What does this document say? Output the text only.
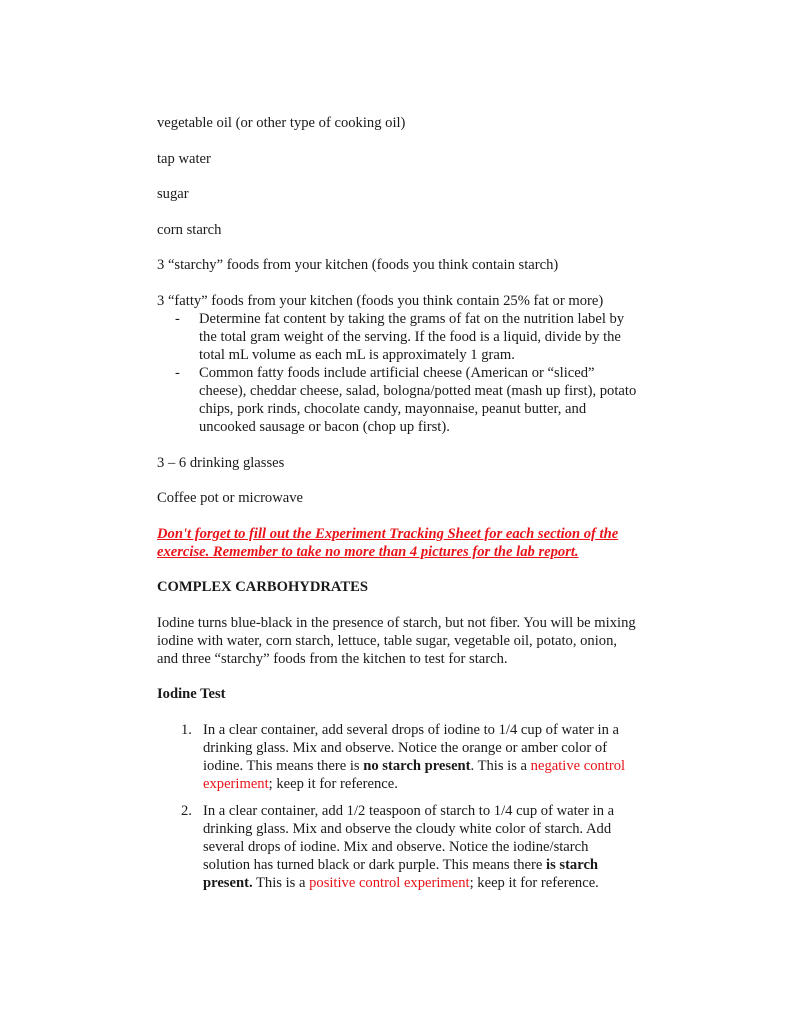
vegetable oil (or other type of cooking oil)

tap water

sugar

corn starch

3 “starchy” foods from your kitchen (foods you think contain starch)

3 “fatty” foods from your kitchen (foods you think contain 25% fat or more)

- Determine fat content by taking the grams of fat on the nutrition label by the total gram weight of the serving. If the food is a liquid, divide by the total mL volume as each mL is approximately 1 gram.
- Common fatty foods include artificial cheese (American or “sliced” cheese), cheddar cheese, salad, bologna/potted meat (mash up first), potato chips, pork rinds, chocolate candy, mayonnaise, peanut butter, and uncooked sausage or bacon (chop up first).

3 – 6 drinking glasses

Coffee pot or microwave

Don't forget to fill out the Experiment Tracking Sheet for each section of the exercise. Remember to take no more than 4 pictures for the lab report.

COMPLEX CARBOHYDRATES

Iodine turns blue-black in the presence of starch, but not fiber. You will be mixing iodine with water, corn starch, lettuce, table sugar, vegetable oil, potato, onion, and three “starchy” foods from the kitchen to test for starch.

Iodine Test

1. In a clear container, add several drops of iodine to 1/4 cup of water in a drinking glass. Mix and observe. Notice the orange or amber color of iodine. This means there is no starch present. This is a negative control experiment; keep it for reference.
2. In a clear container, add 1/2 teaspoon of starch to 1/4 cup of water in a drinking glass. Mix and observe the cloudy white color of starch. Add several drops of iodine. Mix and observe. Notice the iodine/starch solution has turned black or dark purple. This means there is starch present. This is a positive control experiment; keep it for reference.
